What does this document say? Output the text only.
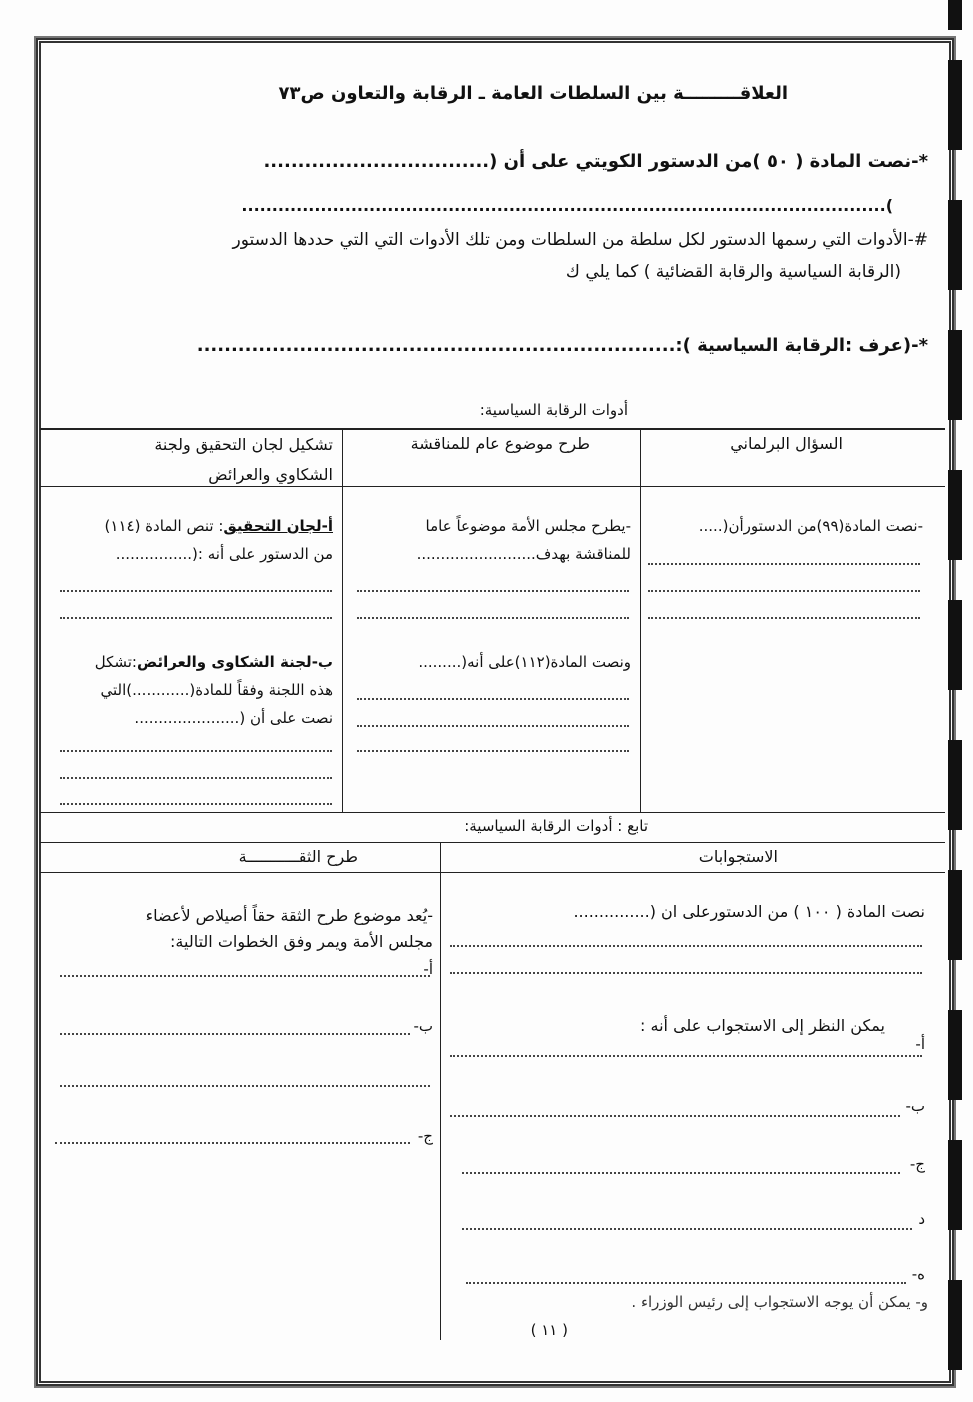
العلاقـــــــــة بين السلطات العامة ـ الرقابة والتعاون ص٧٣
*-نصت المادة ( ٥٠ )من الدستور الكويتي على أن (.................................
)..........................................................................................................
#-الأدوات التي رسمها الدستور لكل سلطة من السلطات ومن تلك الأدوات التي التي حددها الدستور
(الرقابة السياسية والرقابة القضائية ) كما يلي ك
*-(عرف :الرقابة السياسية ):......................................................................
أدوات الرقابة السياسية:
السؤال البرلماني
طرح موضوع عام للمناقشة
تشكيل لجان التحقيق ولجنة الشكاوي والعرائض
-نصت المادة(٩٩)من الدستورأن(.....
-يطرح مجلس الأمة موضوعاً عاما
للمناقشة بهدف.........................
ونصت المادة(١١٢)على أنه(.........
أ-لجان التحقيق: تنص المادة (١١٤)
من الدستور على أنه :(................
ب-لجنة الشكاوى والعرائض:تشكل
هذه اللجنة وفقاً للمادة(............)التي
نصت على أن (......................
تابع : أدوات الرقابة السياسية:
الاستجوابات
طرح الثقـــــــــــة
نصت المادة ( ١٠٠ ) من الدستورعلى ان (...............
يمكن النظر إلى الاستجواب على أنه :
أ-
ب-
ج-
د
ه-
و- يمكن أن يوجه الاستجواب إلى رئيس الوزراء .
-يُعد موضوع طرح الثقة حقاً أصيلاص لأعضاء
مجلس الأمة ويمر وفق الخطوات التالية:
أ-
ب-
ج-
( ١١ )
